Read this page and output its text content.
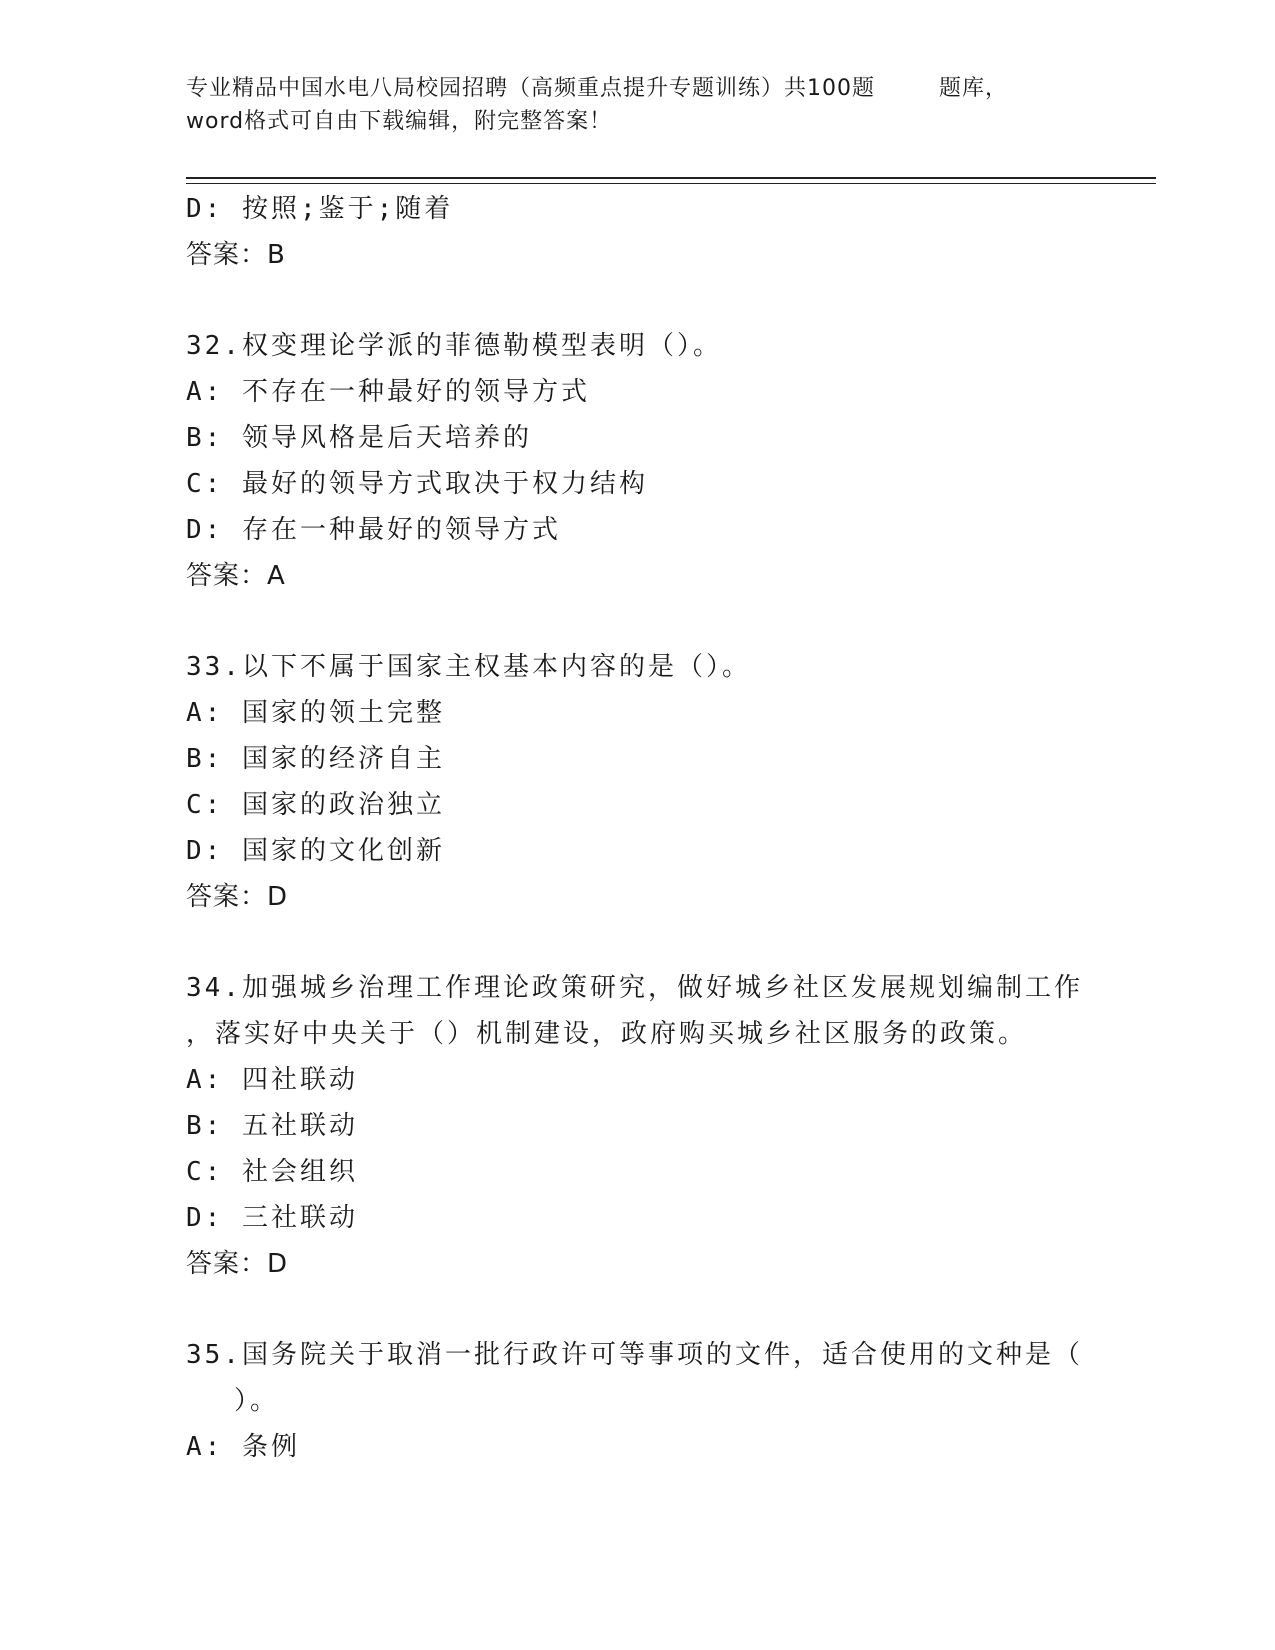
专业精品中国水电八局校园招聘（高频重点提升专题训练）共100题        题库，
word格式可自由下载编辑，附完整答案！
D: 按照;鉴于;随着
答案：B
32.权变理论学派的菲德勒模型表明（）。
A: 不存在一种最好的领导方式
B: 领导风格是后天培养的
C: 最好的领导方式取决于权力结构
D: 存在一种最好的领导方式
答案：A
33.以下不属于国家主权基本内容的是（）。
A: 国家的领土完整
B: 国家的经济自主
C: 国家的政治独立
D: 国家的文化创新
答案：D
34.加强城乡治理工作理论政策研究，做好城乡社区发展规划编制工作
，落实好中央关于（）机制建设，政府购买城乡社区服务的政策。
A: 四社联动
B: 五社联动
C: 社会组织
D: 三社联动
答案：D
35.国务院关于取消一批行政许可等事项的文件，适合使用的文种是（
）。
A: 条例
